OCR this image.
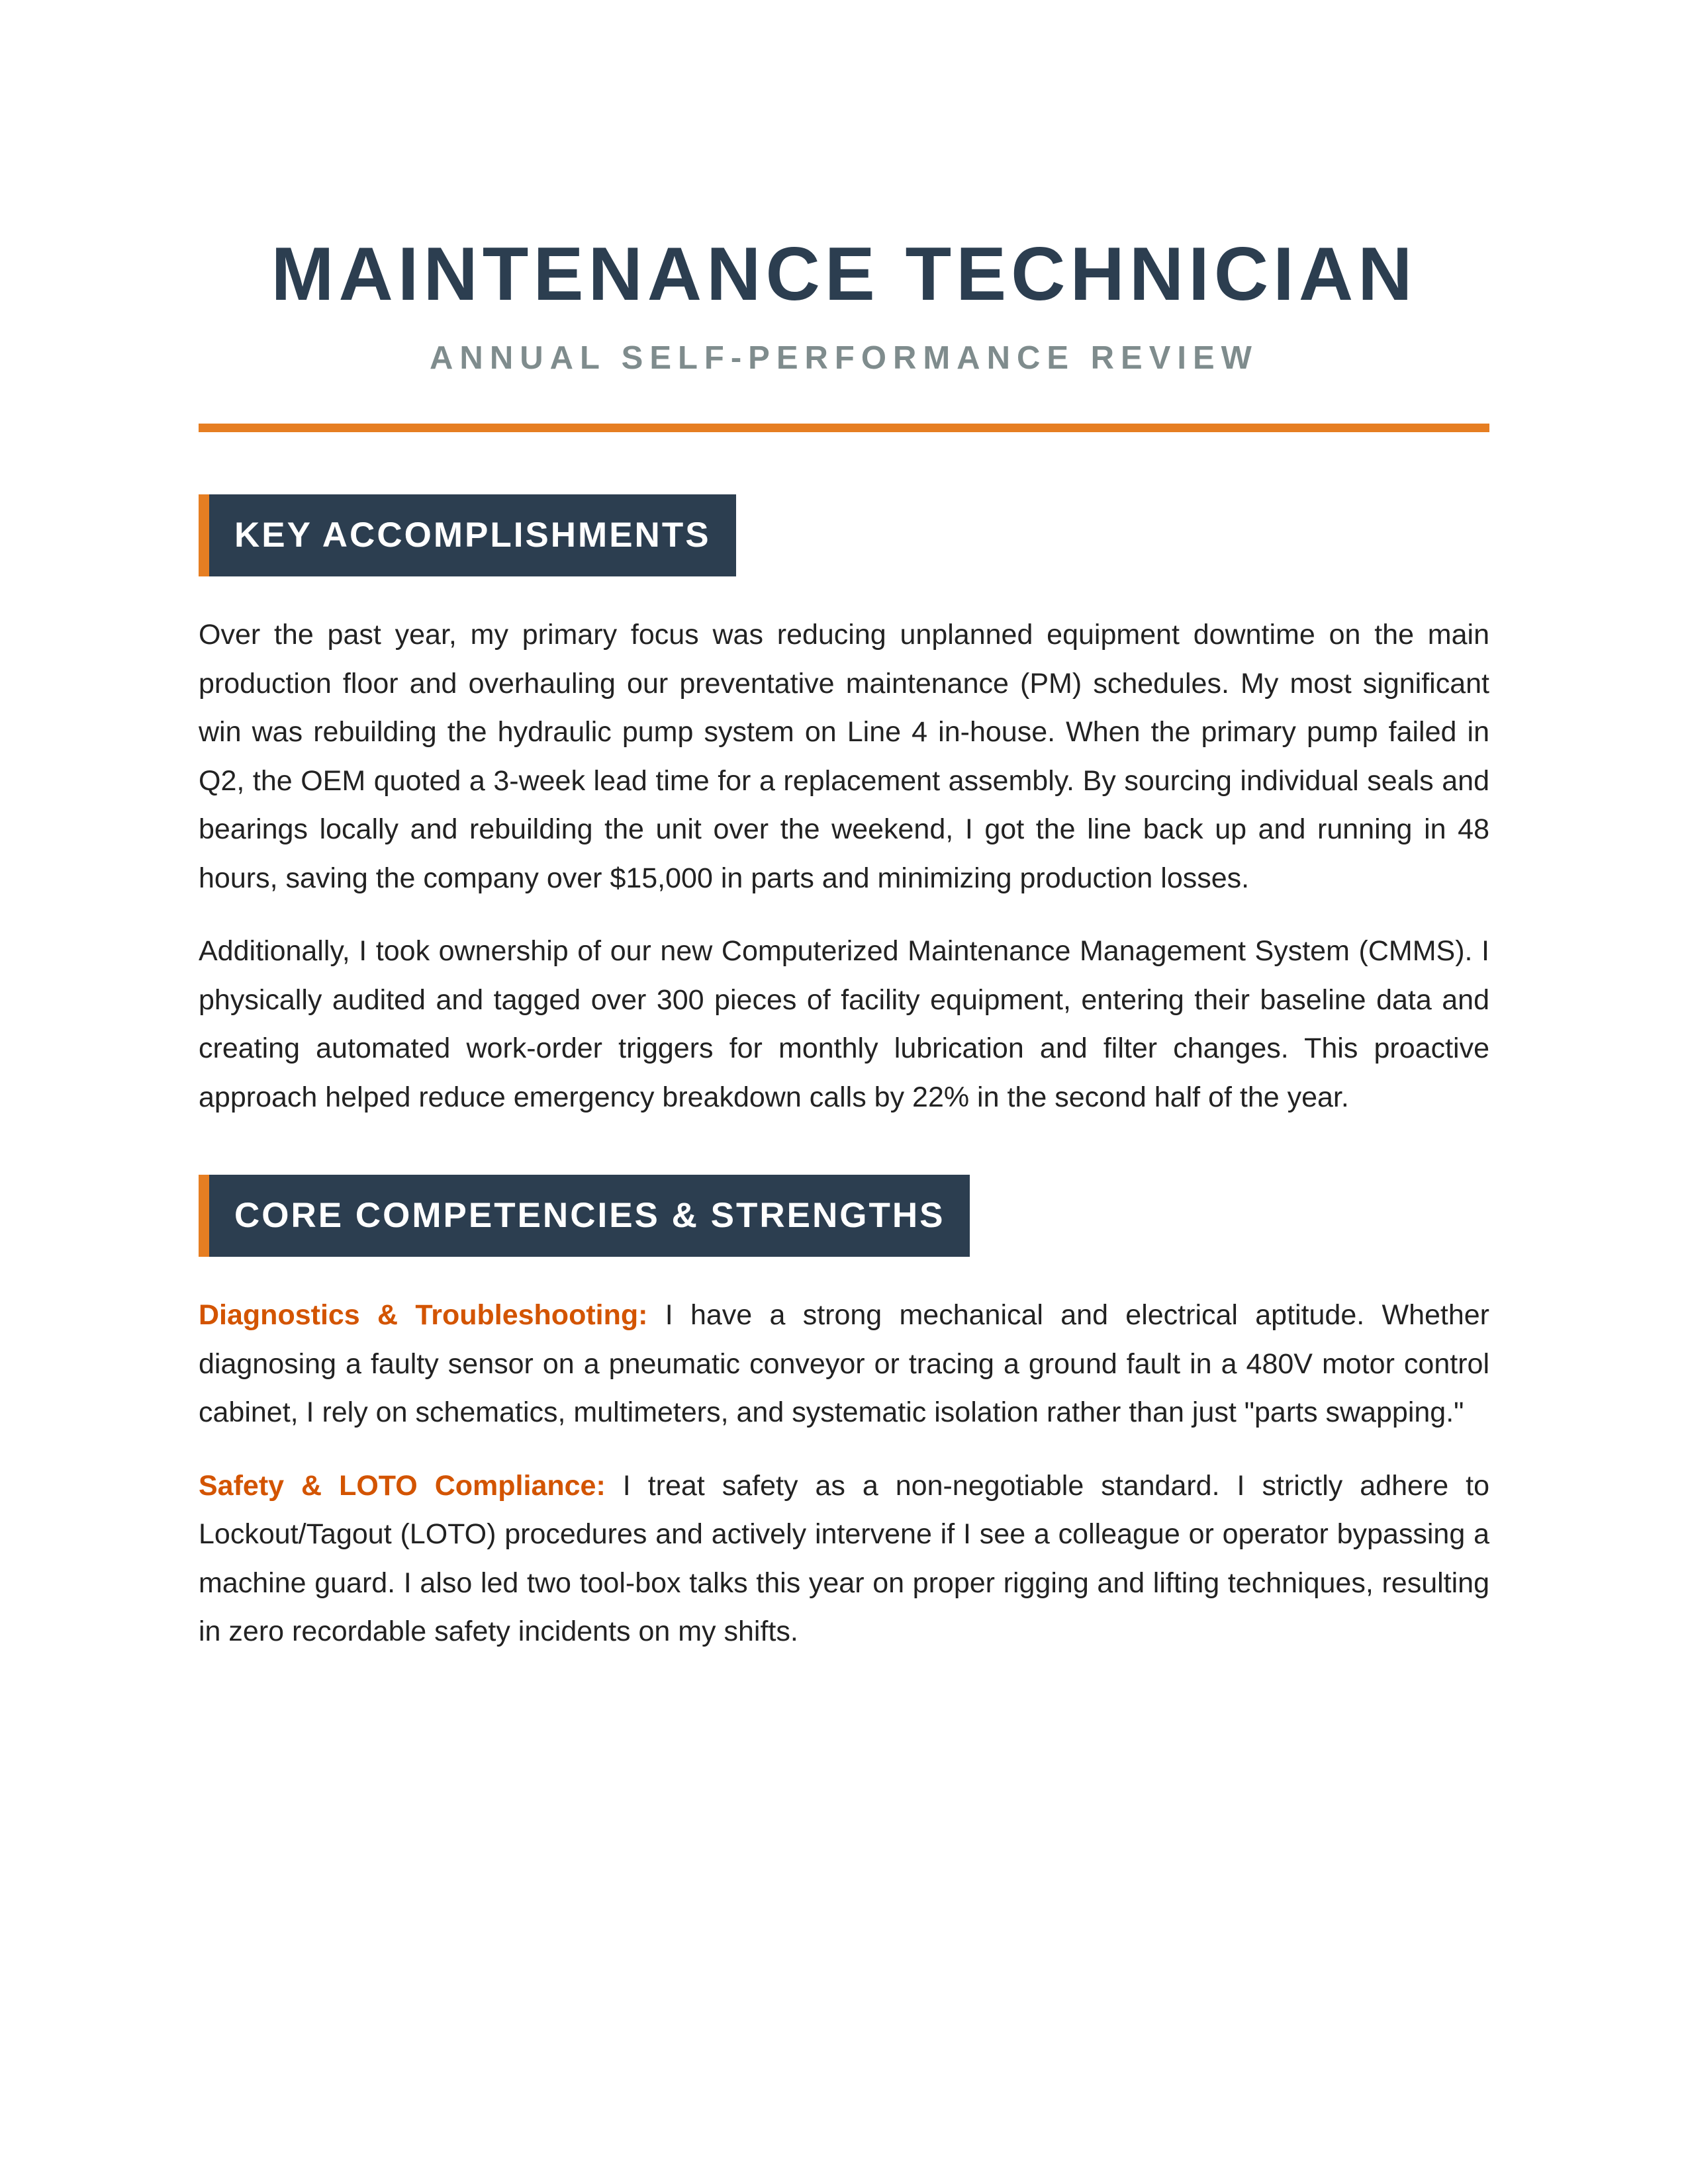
MAINTENANCE TECHNICIAN
ANNUAL SELF-PERFORMANCE REVIEW
KEY ACCOMPLISHMENTS

Over the past year, my primary focus was reducing unplanned equipment downtime on the main production floor and overhauling our preventative maintenance (PM) schedules. My most significant win was rebuilding the hydraulic pump system on Line 4 in-house. When the primary pump failed in Q2, the OEM quoted a 3-week lead time for a replacement assembly. By sourcing individual seals and bearings locally and rebuilding the unit over the weekend, I got the line back up and running in 48 hours, saving the company over $15,000 in parts and minimizing production losses.

Additionally, I took ownership of our new Computerized Maintenance Management System (CMMS). I physically audited and tagged over 300 pieces of facility equipment, entering their baseline data and creating automated work-order triggers for monthly lubrication and filter changes. This proactive approach helped reduce emergency breakdown calls by 22% in the second half of the year.

CORE COMPETENCIES & STRENGTHS

Diagnostics & Troubleshooting: I have a strong mechanical and electrical aptitude. Whether diagnosing a faulty sensor on a pneumatic conveyor or tracing a ground fault in a 480V motor control cabinet, I rely on schematics, multimeters, and systematic isolation rather than just "parts swapping."

Safety & LOTO Compliance: I treat safety as a non-negotiable standard. I strictly adhere to Lockout/Tagout (LOTO) procedures and actively intervene if I see a colleague or operator bypassing a machine guard. I also led two tool-box talks this year on proper rigging and lifting techniques, resulting in zero recordable safety incidents on my shifts.
